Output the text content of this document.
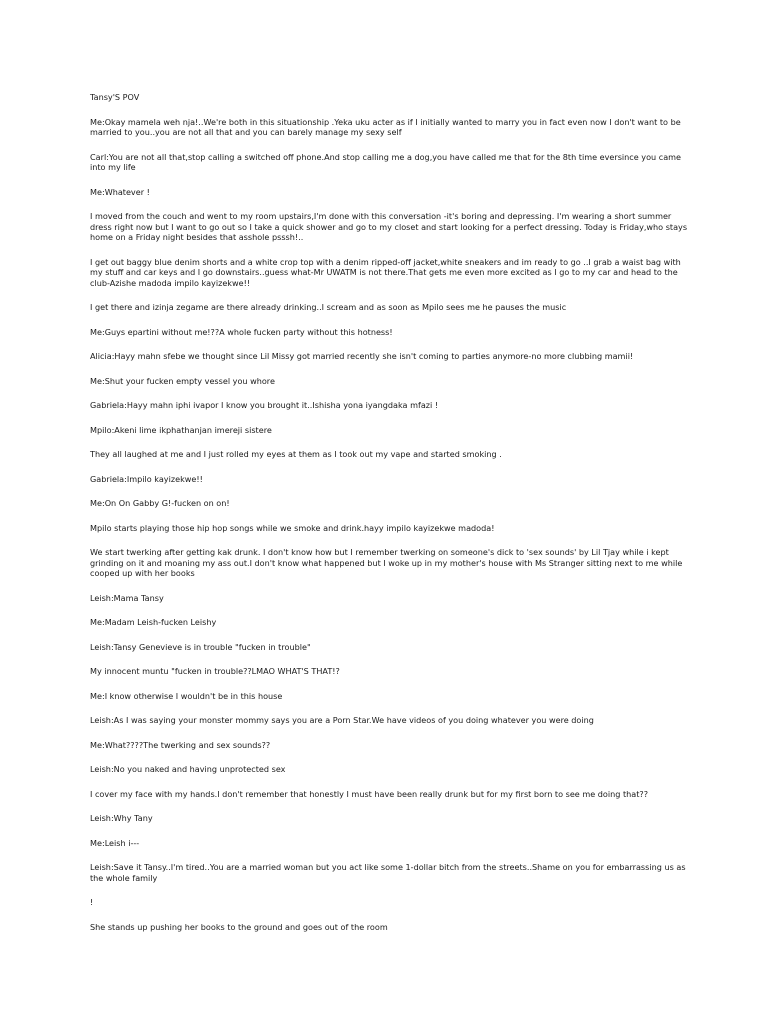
Tansy'S POV

Me:Okay mamela weh nja!..We're both in this situationship .Yeka uku acter as if I initially wanted to marry you in fact even now I don't want to be married to you..you are not all that and you can barely manage my sexy self

Carl:You are not all that,stop calling a switched off phone.And stop calling me a dog,you have called me that for the 8th time eversince you came into my life

Me:Whatever !

I moved from the couch and went to my room upstairs,I'm done with this conversation -it's boring and depressing. I'm wearing a short summer dress right now but I want to go out so I take a quick shower and go to my closet and start looking for a perfect dressing. Today is Friday,who stays home on a Friday night besides that asshole psssh!..

I get out baggy blue denim shorts and a white crop top with a denim ripped-off jacket,white sneakers and im ready to go ..I grab a waist bag with my stuff and car keys and I go downstairs..guess what-Mr UWATM is not there.That gets me even more excited as I go to my car and head to the club-Azishe madoda impilo kayizekwe!!

I get there and izinja zegame are there already drinking..I scream and as soon as Mpilo sees me he pauses the music

Me:Guys epartini without me!??A whole fucken party without this hotness!

Alicia:Hayy mahn sfebe we thought since Lil Missy got married recently she isn't coming to parties anymore-no more clubbing mamii!

Me:Shut your fucken empty vessel you whore

Gabriela:Hayy mahn iphi ivapor I know you brought it..Ishisha yona iyangdaka mfazi !

Mpilo:Akeni lime ikphathanjan imereji sistere

They all laughed at me and I just rolled my eyes at them as I took out my vape and started smoking .

Gabriela:Impilo kayizekwe!!

Me:On On Gabby G!-fucken on on!

Mpilo starts playing those hip hop songs while we smoke and drink.hayy impilo kayizekwe madoda!

We start twerking after getting kak drunk. I don't know how but I remember twerking on someone's dick to 'sex sounds' by Lil Tjay while i kept grinding on it and moaning my ass out.I don't know what happened but I woke up in my mother's house with Ms Stranger sitting next to me while cooped up with her books

Leish:Mama Tansy

Me:Madam Leish-fucken Leishy

Leish:Tansy Genevieve is in trouble "fucken in trouble"

My innocent muntu "fucken in trouble??LMAO WHAT'S THAT!?

Me:I know otherwise I wouldn't be in this house

Leish:As I was saying your monster mommy says you are a Porn Star.We have videos of you doing whatever you were doing

Me:What????The twerking and sex sounds??

Leish:No you naked and having unprotected sex

I cover my face with my hands.I don't remember that honestly I must have been really drunk but for my first born to see me doing that??

Leish:Why Tany

Me:Leish i---

Leish:Save it Tansy..I'm tired..You are a married woman but you act like some 1-dollar bitch from the streets..Shame on you for embarrassing us as the whole family

!

She stands up pushing her books to the ground and goes out of the room
